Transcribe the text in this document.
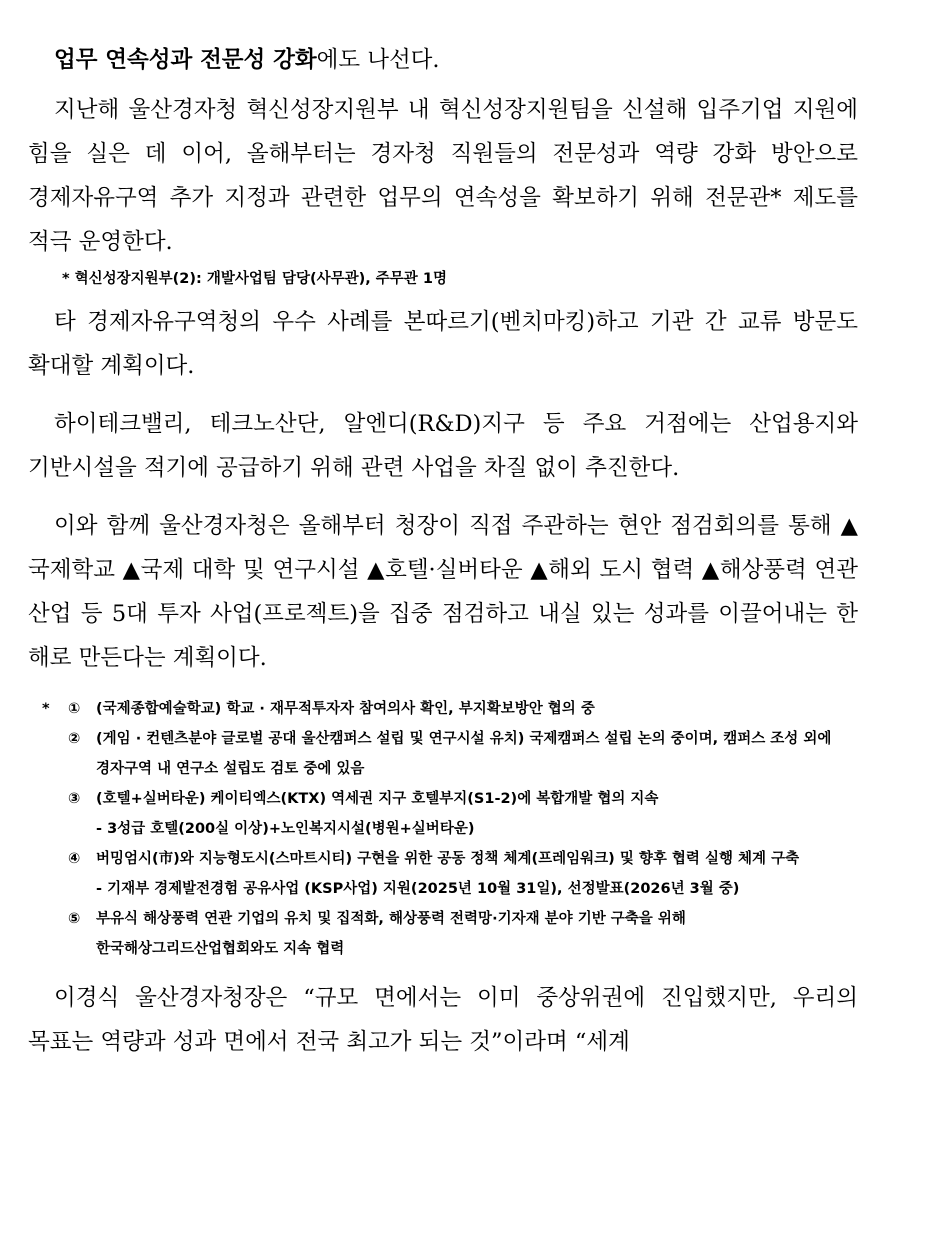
업무 연속성과 전문성 강화에도 나선다.

지난해 울산경자청 혁신성장지원부 내 혁신성장지원팀을 신설해 입주기업 지원에 힘을 실은 데 이어, 올해부터는 경자청 직원들의 전문성과 역량 강화 방안으로 경제자유구역 추가 지정과 관련한 업무의 연속성을 확보하기 위해 전문관* 제도를 적극 운영한다.

* 혁신성장지원부(2): 개발사업팀 담당(사무관), 주무관 1명

타 경제자유구역청의 우수 사례를 본따르기(벤치마킹)하고 기관 간 교류 방문도 확대할 계획이다.

하이테크밸리, 테크노산단, 알엔디(R&D)지구 등 주요 거점에는 산업용지와 기반시설을 적기에 공급하기 위해 관련 사업을 차질 없이 추진한다.

이와 함께 울산경자청은 올해부터 청장이 직접 주관하는 현안 점검회의를 통해 ▲국제학교 ▲국제 대학 및 연구시설 ▲호텔·실버타운 ▲해외 도시 협력 ▲해상풍력 연관 산업 등 5대 투자 사업(프로젝트)을 집중 점검하고 내실 있는 성과를 이끌어내는 한 해로 만든다는 계획이다.

* ① (국제종합예술학교) 학교 · 재무적투자자 참여의사 확인, 부지확보방안 협의 중
② (게임 · 컨텐츠분야 글로벌 공대 울산캠퍼스 설립 및 연구시설 유치) 국제캠퍼스 설립 논의 중이며, 캠퍼스 조성 외에 경자구역 내 연구소 설립도 검토 중에 있음
③ (호텔+실버타운) 케이티엑스(KTX) 역세권 지구 호텔부지(S1-2)에 복합개발 협의 지속
- 3성급 호텔(200실 이상)+노인복지시설(병원+실버타운)
④ 버밍엄시(市)와 지능형도시(스마트시티) 구현을 위한 공동 정책 체계(프레임워크) 및 향후 협력 실행 체계 구축
- 기재부 경제발전경험 공유사업 (KSP사업) 지원(2025년 10월 31일), 선정발표(2026년 3월 중)
⑤ 부유식 해상풍력 연관 기업의 유치 및 집적화, 해상풍력 전력망·기자재 분야 기반 구축을 위해 한국해상그리드산업협회와도 지속 협력

이경식 울산경자청장은 “규모 면에서는 이미 중상위권에 진입했지만, 우리의 목표는 역량과 성과 면에서 전국 최고가 되는 것”이라며 “세계
